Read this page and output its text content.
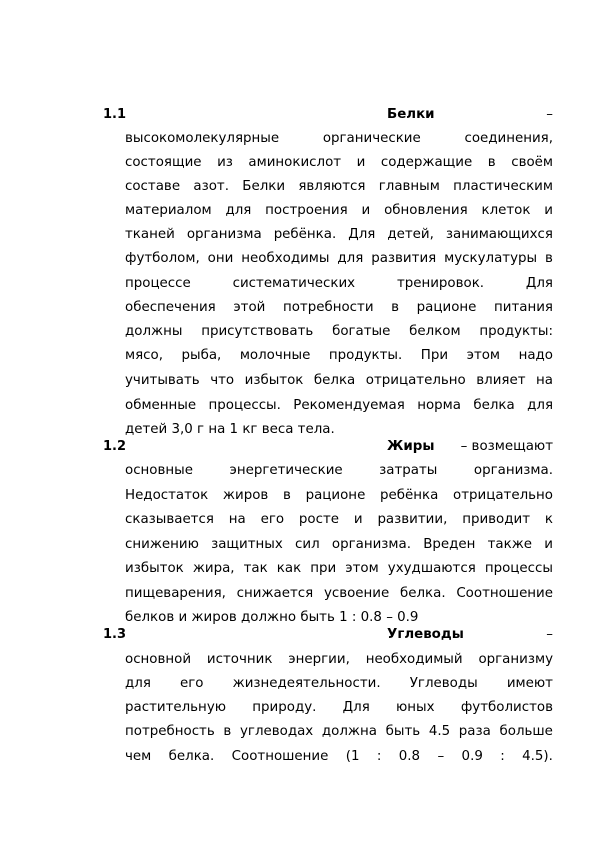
1.1	Белки	–
высокомолекулярные	органические	соединения,
состоящие из аминокислот и содержащие в своём
составе азот. Белки являются главным пластическим
материалом для построения и обновления клеток и
тканей организма ребёнка. Для детей, занимающихся
футболом, они необходимы для развития мускулатуры в
процессе	систематических	тренировок.	Для
обеспечения этой потребности в рационе питания
должны присутствовать богатые белком продукты:
мясо, рыба, молочные продукты. При этом надо
учитывать что избыток белка отрицательно влияет на
обменные процессы. Рекомендуемая норма белка для
детей 3,0 г на 1 кг веса тела.
1.2	Жиры – возмещают
основные	энергетические	затраты	организма.
Недостаток жиров в рационе ребёнка отрицательно
сказывается на его росте и развитии, приводит к
снижению защитных сил организма. Вреден также и
избыток жира, так как при этом ухудшаются процессы
пищеварения, снижается усвоение белка. Соотношение
белков и жиров должно быть 1 : 0.8 – 0.9
1.3	Углеводы	–
основной источник энергии, необходимый организму
для его жизнедеятельности. Углеводы имеют
растительную природу. Для юных футболистов
потребность в углеводах должна быть 4.5 раза больше
чем белка. Соотношение (1 : 0.8 – 0.9 : 4.5).
